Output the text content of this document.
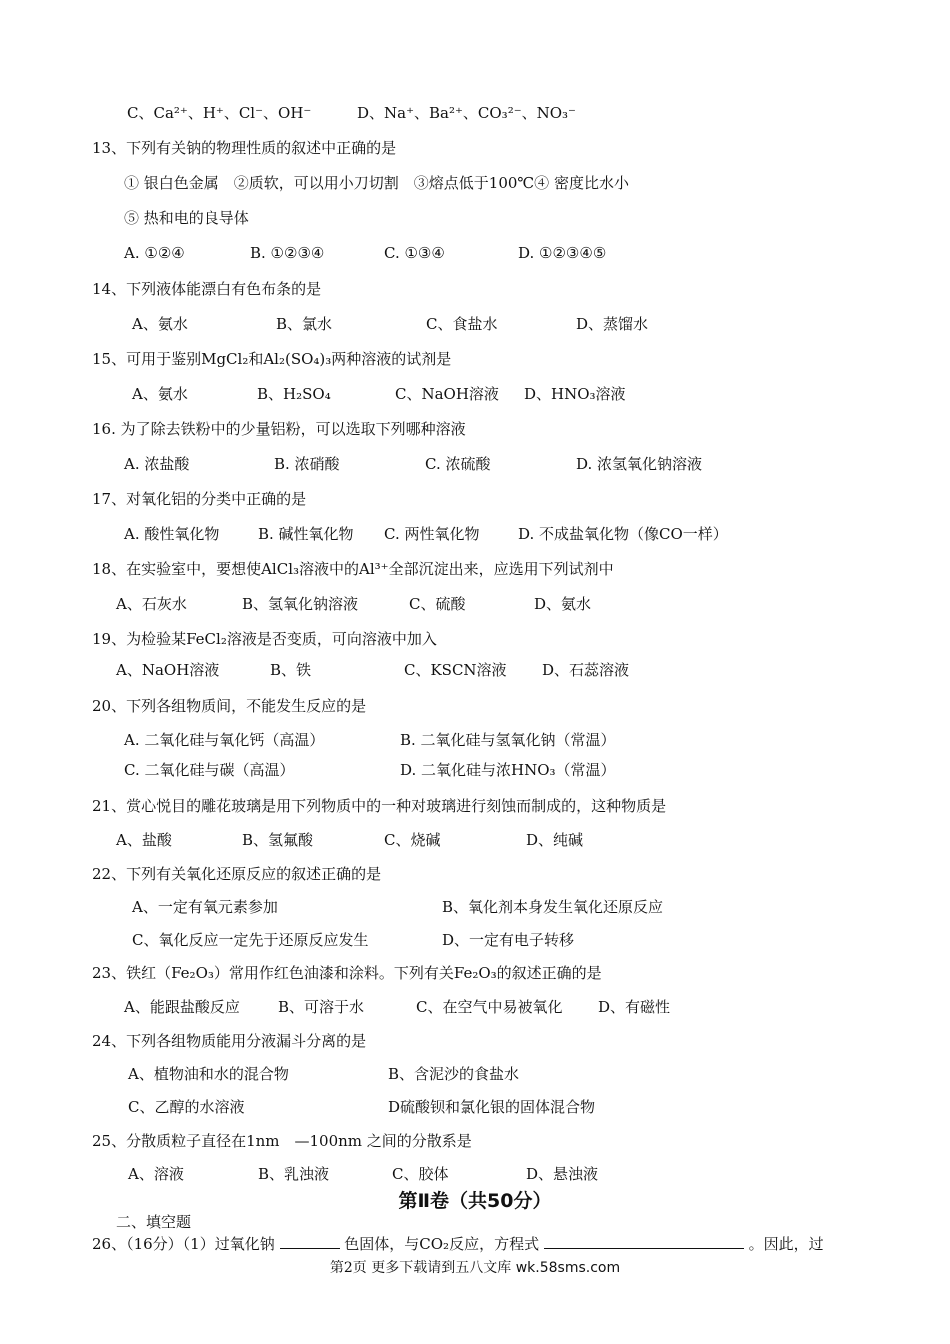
C、Ca²⁺、H⁺、Cl⁻、OH⁻	D、Na⁺、Ba²⁺、CO₃²⁻、NO₃⁻
13、下列有关钠的物理性质的叙述中正确的是
① 银白色金属　②质软，可以用小刀切割　③熔点低于100℃④ 密度比水小
⑤ 热和电的良导体
A. ①②④	B. ①②③④	C. ①③④	D. ①②③④⑤
14、下列液体能漂白有色布条的是
A、氨水	B、氯水	C、食盐水	D、蒸馏水
15、可用于鉴别MgCl₂和Al₂(SO₄)₃两种溶液的试剂是
A、氨水	B、H₂SO₄	C、NaOH溶液 D、HNO₃溶液
16. 为了除去铁粉中的少量铝粉，可以选取下列哪种溶液
A. 浓盐酸	B. 浓硝酸	C. 浓硫酸	D. 浓氢氧化钠溶液
17、对氧化铝的分类中正确的是
A. 酸性氧化物	B. 碱性氧化物 C. 两性氧化物	D. 不成盐氧化物（像CO一样）
18、在实验室中，要想使AlCl₃溶液中的Al³⁺全部沉淀出来，应选用下列试剂中
A、石灰水	B、氢氧化钠溶液	C、硫酸	D、氨水
19、为检验某FeCl₂溶液是否变质，可向溶液中加入
A、NaOH溶液	B、铁	C、KSCN溶液 D、石蕊溶液
20、下列各组物质间，不能发生反应的是
A. 二氧化硅与氧化钙（高温）	B. 二氧化硅与氢氧化钠（常温）
C. 二氧化硅与碳（高温）	D. 二氧化硅与浓HNO₃（常温）
21、赏心悦目的雕花玻璃是用下列物质中的一种对玻璃进行刻蚀而制成的，这种物质是
A、盐酸	B、氢氟酸	C、烧碱	D、纯碱
22、下列有关氧化还原反应的叙述正确的是
A、一定有氧元素参加	B、氧化剂本身发生氧化还原反应
C、氧化反应一定先于还原反应发生	D、一定有电子转移
23、铁红（Fe₂O₃）常用作红色油漆和涂料。下列有关Fe₂O₃的叙述正确的是
A、能跟盐酸反应	B、可溶于水	C、在空气中易被氧化 D、有磁性
24、下列各组物质能用分液漏斗分离的是
A、植物油和水的混合物	B、含泥沙的食盐水
C、乙醇的水溶液	D硫酸钡和氯化银的固体混合物
25、分散质粒子直径在1nm　—100nm 之间的分散系是
A、溶液	B、乳浊液	C、胶体	D、悬浊液
第Ⅱ卷（共50分）
二、填空题
26、（16分）（1）过氧化钠	色固体，与CO₂反应，方程式	。因此，过
第2页 更多下载请到五八文库 wk.58sms.com
